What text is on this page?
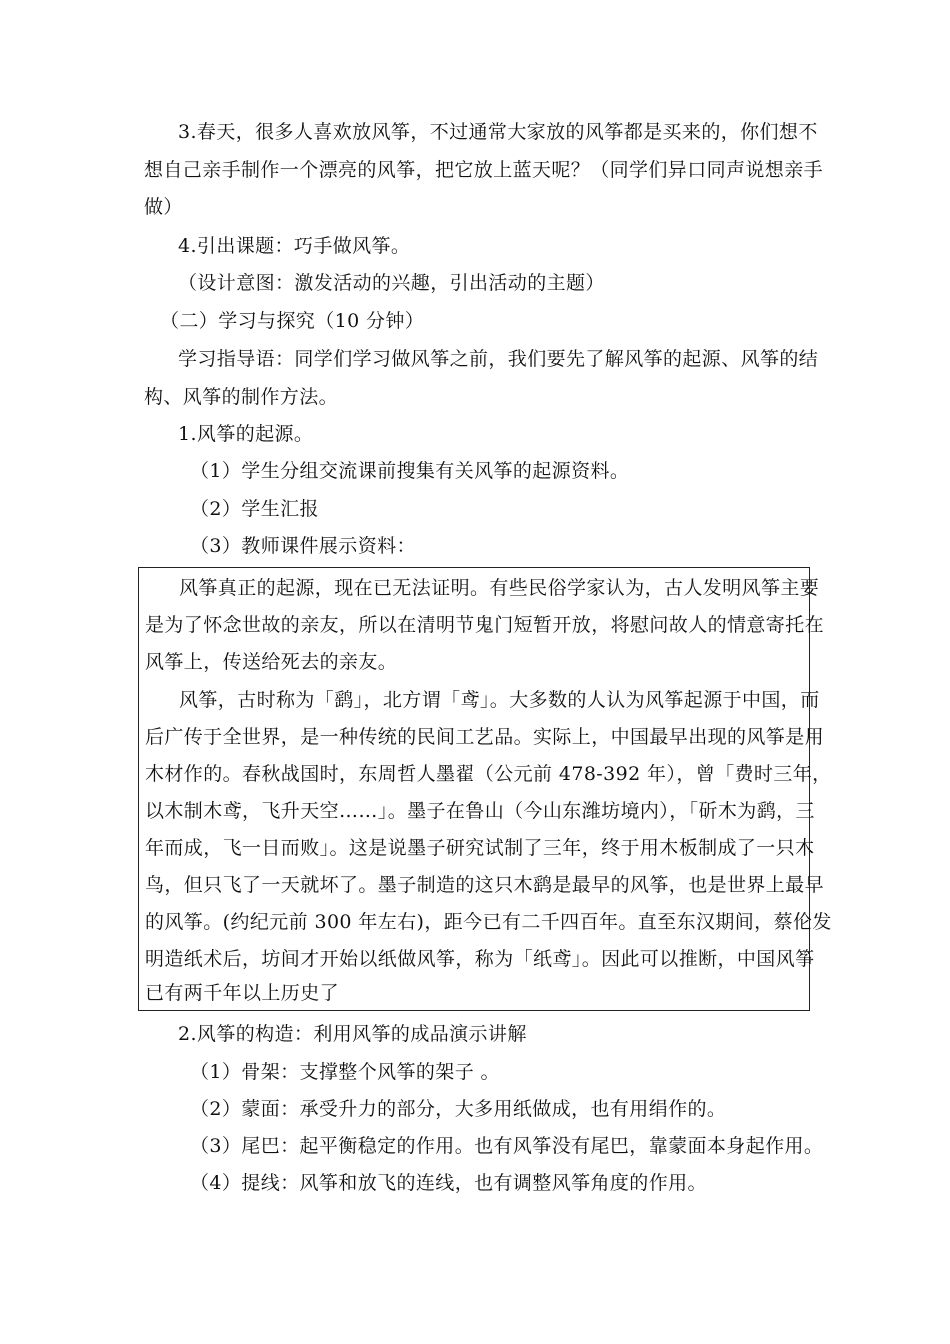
3.春天，很多人喜欢放风筝，不过通常大家放的风筝都是买来的，你们想不
想自己亲手制作一个漂亮的风筝，把它放上蓝天呢？（同学们异口同声说想亲手
做）
4.引出课题：巧手做风筝。
（设计意图：激发活动的兴趣，引出活动的主题）
（二）学习与探究（10 分钟）
学习指导语：同学们学习做风筝之前，我们要先了解风筝的起源、风筝的结
构、风筝的制作方法。
1.风筝的起源。
（1）学生分组交流课前搜集有关风筝的起源资料。
（2）学生汇报
（3）教师课件展示资料：
风筝真正的起源，现在已无法证明。有些民俗学家认为，古人发明风筝主要
是为了怀念世故的亲友，所以在清明节鬼门短暂开放，将慰问故人的情意寄托在
风筝上，传送给死去的亲友。
风筝，古时称为「鹞」，北方谓「鸢」。大多数的人认为风筝起源于中国，而
后广传于全世界，是一种传统的民间工艺品。实际上，中国最早出现的风筝是用
木材作的。春秋战国时，东周哲人墨翟（公元前 478-392 年），曾「费时三年，
以木制木鸢，飞升天空……」。墨子在鲁山（今山东潍坊境内），「斫木为鹞，三
年而成，飞一日而败」。这是说墨子研究试制了三年，终于用木板制成了一只木
鸟，但只飞了一天就坏了。墨子制造的这只木鹞是最早的风筝，也是世界上最早
的风筝。(约纪元前 300 年左右)，距今已有二千四百年。直至东汉期间，蔡伦发
明造纸术后，坊间才开始以纸做风筝，称为「纸鸢」。因此可以推断，中国风筝
已有两千年以上历史了
2.风筝的构造：利用风筝的成品演示讲解
（1）骨架：支撑整个风筝的架子 。
（2）蒙面：承受升力的部分，大多用纸做成，也有用绢作的。
（3）尾巴：起平衡稳定的作用。也有风筝没有尾巴，靠蒙面本身起作用。
（4）提线：风筝和放飞的连线，也有调整风筝角度的作用。
